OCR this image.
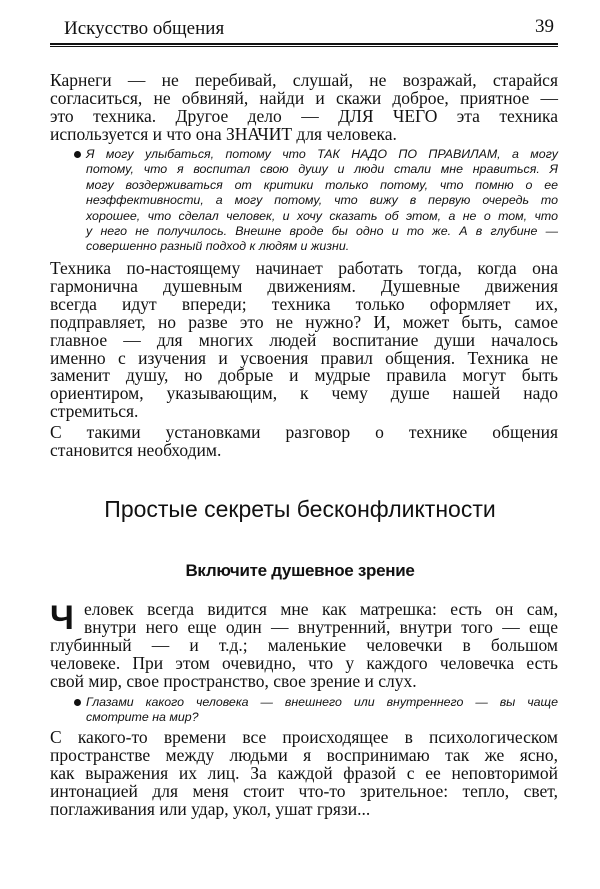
Искусство общения	39
Карнеги — не перебивай, слушай, не возражай, старайся
согласиться, не обвиняй, найди и скажи доброе, приятное —
это техника. Другое дело — ДЛЯ ЧЕГО эта техника
используется и что она ЗНАЧИТ для человека.
Я могу улыбаться, потому что ТАК НАДО ПО ПРАВИЛАМ, а могу
потому, что я воспитал свою душу и люди стали мне нравиться. Я
могу воздерживаться от критики только потому, что помню о ее
неэффективности, а могу потому, что вижу в первую очередь то
хорошее, что сделал человек, и хочу сказать об этом, а не о том, что
у него не получилось. Внешне вроде бы одно и то же. А в глубине —
совершенно разный подход к людям и жизни.
Техника по-настоящему начинает работать тогда, когда она
гармонична душевным движениям. Душевные движения
всегда идут впереди; техника только оформляет их,
подправляет, но разве это не нужно? И, может быть, самое
главное — для многих людей воспитание души началось
именно с изучения и усвоения правил общения. Техника не
заменит душу, но добрые и мудрые правила могут быть
ориентиром, указывающим, к чему душе нашей надо
стремиться.
С такими установками разговор о технике общения
становится необходим.
Простые секреты бесконфликтности
Включите душевное зрение
Ч еловек всегда видится мне как матрешка: есть он сам,
внутри него еще один — внутренний, внутри того — еще
глубинный — и т.д.; маленькие человечки в большом
человеке. При этом очевидно, что у каждого человечка есть
свой мир, свое пространство, свое зрение и слух.
Глазами какого человека — внешнего или внутреннего — вы чаще
смотрите на мир?
С какого-то времени все происходящее в психологическом
пространстве между людьми я воспринимаю так же ясно,
как выражения их лиц. За каждой фразой с ее неповторимой
интонацией для меня стоит что-то зрительное: тепло, свет,
поглаживания или удар, укол, ушат грязи...
